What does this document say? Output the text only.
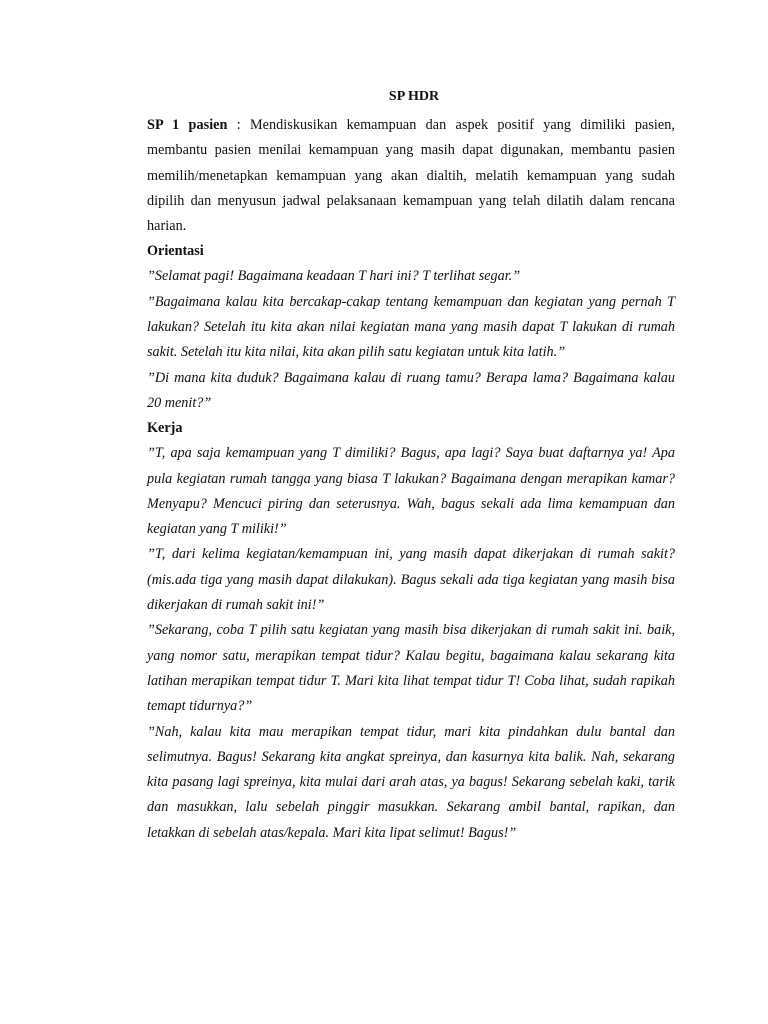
SP HDR

SP 1 pasien : Mendiskusikan kemampuan dan aspek positif yang dimiliki pasien, membantu pasien menilai kemampuan yang masih dapat digunakan, membantu pasien memilih/menetapkan kemampuan yang akan dialtih, melatih kemampuan yang sudah dipilih dan menyusun jadwal pelaksanaan kemampuan yang telah dilatih dalam rencana harian.

Orientasi

”Selamat pagi! Bagaimana keadaan T hari ini? T terlihat segar.”

”Bagaimana kalau kita bercakap-cakap tentang kemampuan dan kegiatan yang pernah T lakukan? Setelah itu kita akan nilai kegiatan mana yang masih dapat T lakukan di rumah sakit. Setelah itu kita nilai, kita akan pilih satu kegiatan untuk kita latih.”

”Di mana kita duduk? Bagaimana kalau di ruang tamu? Berapa lama? Bagaimana kalau 20 menit?”

Kerja

”T, apa saja kemampuan yang T dimiliki? Bagus, apa lagi? Saya buat daftarnya ya! Apa pula kegiatan rumah tangga yang biasa T lakukan? Bagaimana dengan merapikan kamar? Menyapu? Mencuci piring dan seterusnya. Wah, bagus sekali ada lima kemampuan dan kegiatan yang T miliki!”

”T, dari kelima kegiatan/kemampuan ini, yang masih dapat dikerjakan di rumah sakit? (mis.ada tiga yang masih dapat dilakukan). Bagus sekali ada tiga kegiatan yang masih bisa dikerjakan di rumah sakit ini!”

”Sekarang, coba T pilih satu kegiatan yang masih bisa dikerjakan di rumah sakit ini. baik, yang nomor satu, merapikan tempat tidur? Kalau begitu, bagaimana kalau sekarang kita latihan merapikan tempat tidur T. Mari kita lihat tempat tidur T! Coba lihat, sudah rapikah temapt tidurnya?”

”Nah, kalau kita mau merapikan tempat tidur, mari kita pindahkan dulu bantal dan selimutnya. Bagus! Sekarang kita angkat spreinya, dan kasurnya kita balik. Nah, sekarang kita pasang lagi spreinya, kita mulai dari arah atas, ya bagus! Sekarang sebelah kaki, tarik dan masukkan, lalu sebelah pinggir masukkan. Sekarang ambil bantal, rapikan, dan letakkan di sebelah atas/kepala. Mari kita lipat selimut! Bagus!”
